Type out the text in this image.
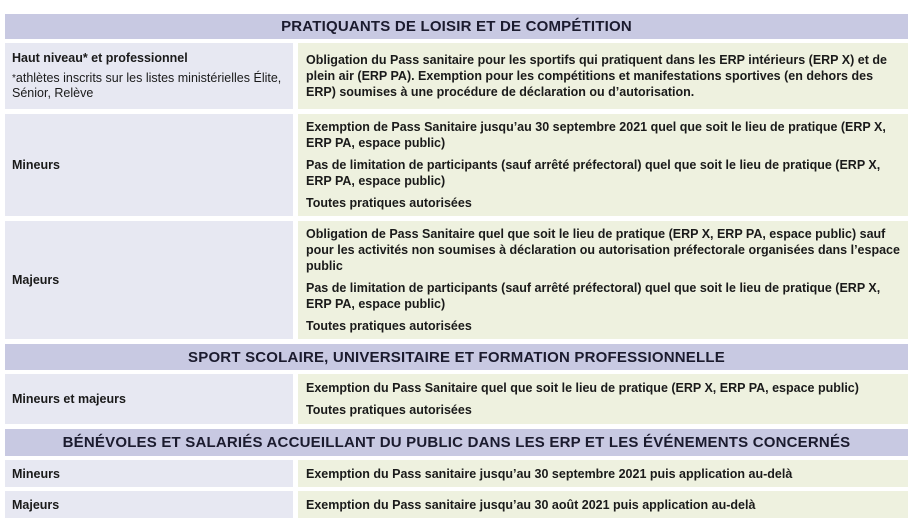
PRATIQUANTS DE LOISIR ET DE COMPÉTITION
Haut niveau* et professionnel
*athlètes inscrits sur les listes ministérielles Élite, Sénior, Relève

Obligation du Pass sanitaire pour les sportifs qui pratiquent dans les ERP intérieurs (ERP X) et de plein air (ERP PA). Exemption pour les compétitions et manifestations sportives (en dehors des ERP) soumises à une procédure de déclaration ou d’autorisation.

Mineurs

Exemption de Pass Sanitaire jusqu’au 30 septembre 2021 quel que soit le lieu de pratique (ERP X, ERP PA, espace public)

Pas de limitation de participants (sauf arrêté préfectoral) quel que soit le lieu de pratique (ERP X, ERP PA, espace public)

Toutes pratiques autorisées

Majeurs

Obligation de Pass Sanitaire quel que soit le lieu de pratique (ERP X, ERP PA, espace public) sauf pour les activités non soumises à déclaration ou autorisation préfectorale organisées dans l’espace public

Pas de limitation de participants (sauf arrêté préfectoral) quel que soit le lieu de pratique (ERP X, ERP PA, espace public)

Toutes pratiques autorisées

SPORT SCOLAIRE, UNIVERSITAIRE ET FORMATION PROFESSIONNELLE
Mineurs et majeurs

Exemption du Pass Sanitaire quel que soit le lieu de pratique (ERP X, ERP PA, espace public)

Toutes pratiques autorisées

BÉNÉVOLES ET SALARIÉS ACCUEILLANT DU PUBLIC DANS LES ERP ET LES ÉVÉNEMENTS CONCERNÉS
Mineurs	Exemption du Pass sanitaire jusqu’au 30 septembre 2021 puis application au-delà

Majeurs	Exemption du Pass sanitaire jusqu’au 30 août 2021 puis application au-delà
